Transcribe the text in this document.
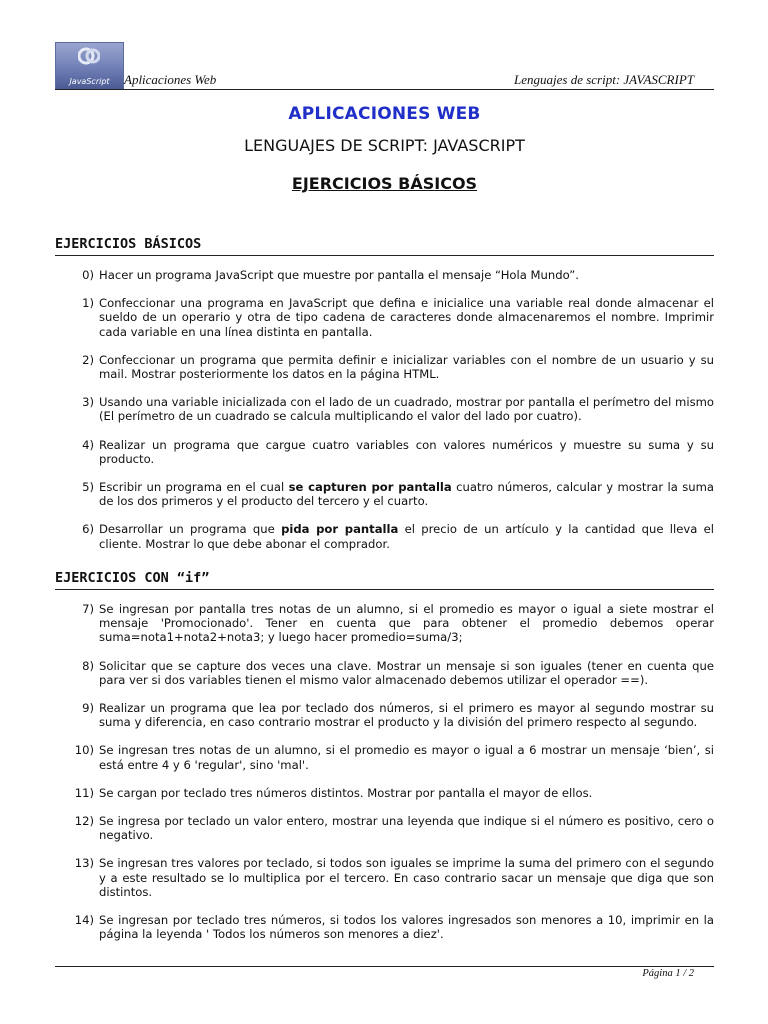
JavaScript	Aplicaciones Web	Lenguajes de script: JAVASCRIPT
APLICACIONES WEB
LENGUAJES DE SCRIPT: JAVASCRIPT
EJERCICIOS BÁSICOS
EJERCICIOS BÁSICOS
0) Hacer un programa JavaScript que muestre por pantalla el mensaje “Hola Mundo”.
1) Confeccionar una programa en JavaScript que defina e inicialice una variable real donde almacenar el sueldo de un operario y otra de tipo cadena de caracteres donde almacenaremos el nombre. Imprimir cada variable en una línea distinta en pantalla.
2) Confeccionar un programa que permita definir e inicializar variables con el nombre de un usuario y su mail. Mostrar posteriormente los datos en la página HTML.
3) Usando una variable inicializada con el lado de un cuadrado, mostrar por pantalla el perímetro del mismo (El perímetro de un cuadrado se calcula multiplicando el valor del lado por cuatro).
4) Realizar un programa que cargue cuatro variables con valores numéricos y muestre su suma y su producto.
5) Escribir un programa en el cual se capturen por pantalla cuatro números, calcular y mostrar la suma de los dos primeros y el producto del tercero y el cuarto.
6) Desarrollar un programa que pida por pantalla el precio de un artículo y la cantidad que lleva el cliente. Mostrar lo que debe abonar el comprador.
EJERCICIOS CON “if”
7) Se ingresan por pantalla tres notas de un alumno, si el promedio es mayor o igual a siete mostrar el mensaje 'Promocionado'. Tener en cuenta que para obtener el promedio debemos operar suma=nota1+nota2+nota3; y luego hacer promedio=suma/3;
8) Solicitar que se capture dos veces una clave. Mostrar un mensaje si son iguales (tener en cuenta que para ver si dos variables tienen el mismo valor almacenado debemos utilizar el operador ==).
9) Realizar un programa que lea por teclado dos números, si el primero es mayor al segundo mostrar su suma y diferencia, en caso contrario mostrar el producto y la división del primero respecto al segundo.
10) Se ingresan tres notas de un alumno, si el promedio es mayor o igual a 6 mostrar un mensaje ‘bien’, si está entre 4 y 6 'regular', sino 'mal'.
11) Se cargan por teclado tres números distintos. Mostrar por pantalla el mayor de ellos.
12) Se ingresa por teclado un valor entero, mostrar una leyenda que indique si el número es positivo, cero o negativo.
13) Se ingresan tres valores por teclado, si todos son iguales se imprime la suma del primero con el segundo y a este resultado se lo multiplica por el tercero. En caso contrario sacar un mensaje que diga que son distintos.
14) Se ingresan por teclado tres números, si todos los valores ingresados son menores a 10, imprimir en la página la leyenda ' Todos los números son menores a diez'.
Página 1 / 2
